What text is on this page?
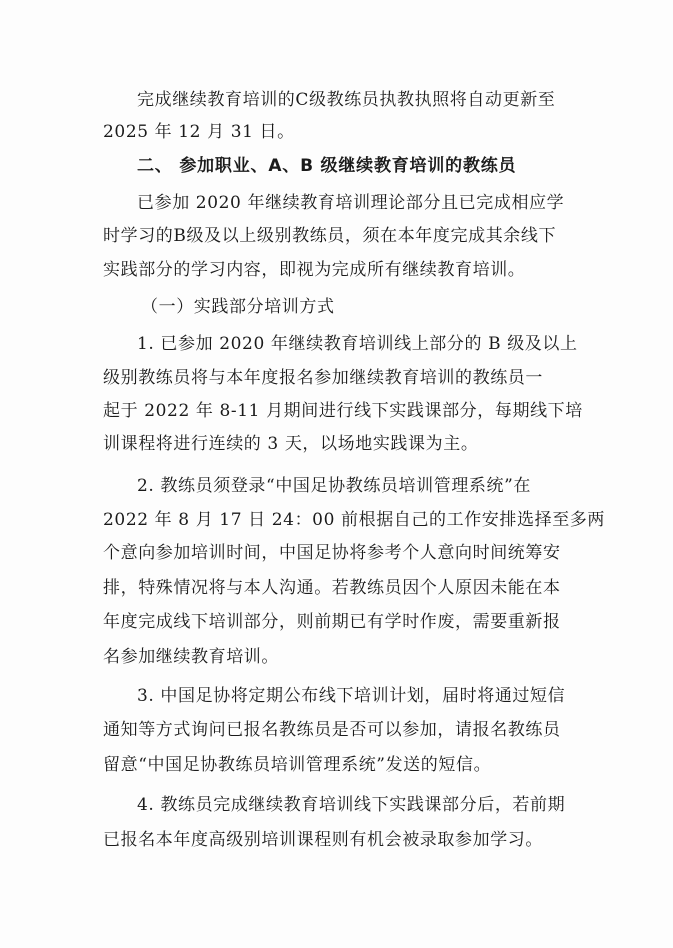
完成继续教育培训的C级教练员执教执照将自动更新至
2025 年 12 月 31 日。
二、 参加职业、A、B 级继续教育培训的教练员
已参加 2020 年继续教育培训理论部分且已完成相应学
时学习的B级及以上级别教练员，须在本年度完成其余线下
实践部分的学习内容，即视为完成所有继续教育培训。
（一）实践部分培训方式
1. 已参加 2020 年继续教育培训线上部分的 B 级及以上
级别教练员将与本年度报名参加继续教育培训的教练员一
起于 2022 年 8-11 月期间进行线下实践课部分，每期线下培
训课程将进行连续的 3 天，以场地实践课为主。
2. 教练员须登录“中国足协教练员培训管理系统”在
2022 年 8 月 17 日 24：00 前根据自己的工作安排选择至多两
个意向参加培训时间，中国足协将参考个人意向时间统筹安
排，特殊情况将与本人沟通。若教练员因个人原因未能在本
年度完成线下培训部分，则前期已有学时作废，需要重新报
名参加继续教育培训。
3. 中国足协将定期公布线下培训计划，届时将通过短信
通知等方式询问已报名教练员是否可以参加，请报名教练员
留意“中国足协教练员培训管理系统”发送的短信。
4. 教练员完成继续教育培训线下实践课部分后，若前期
已报名本年度高级别培训课程则有机会被录取参加学习。
